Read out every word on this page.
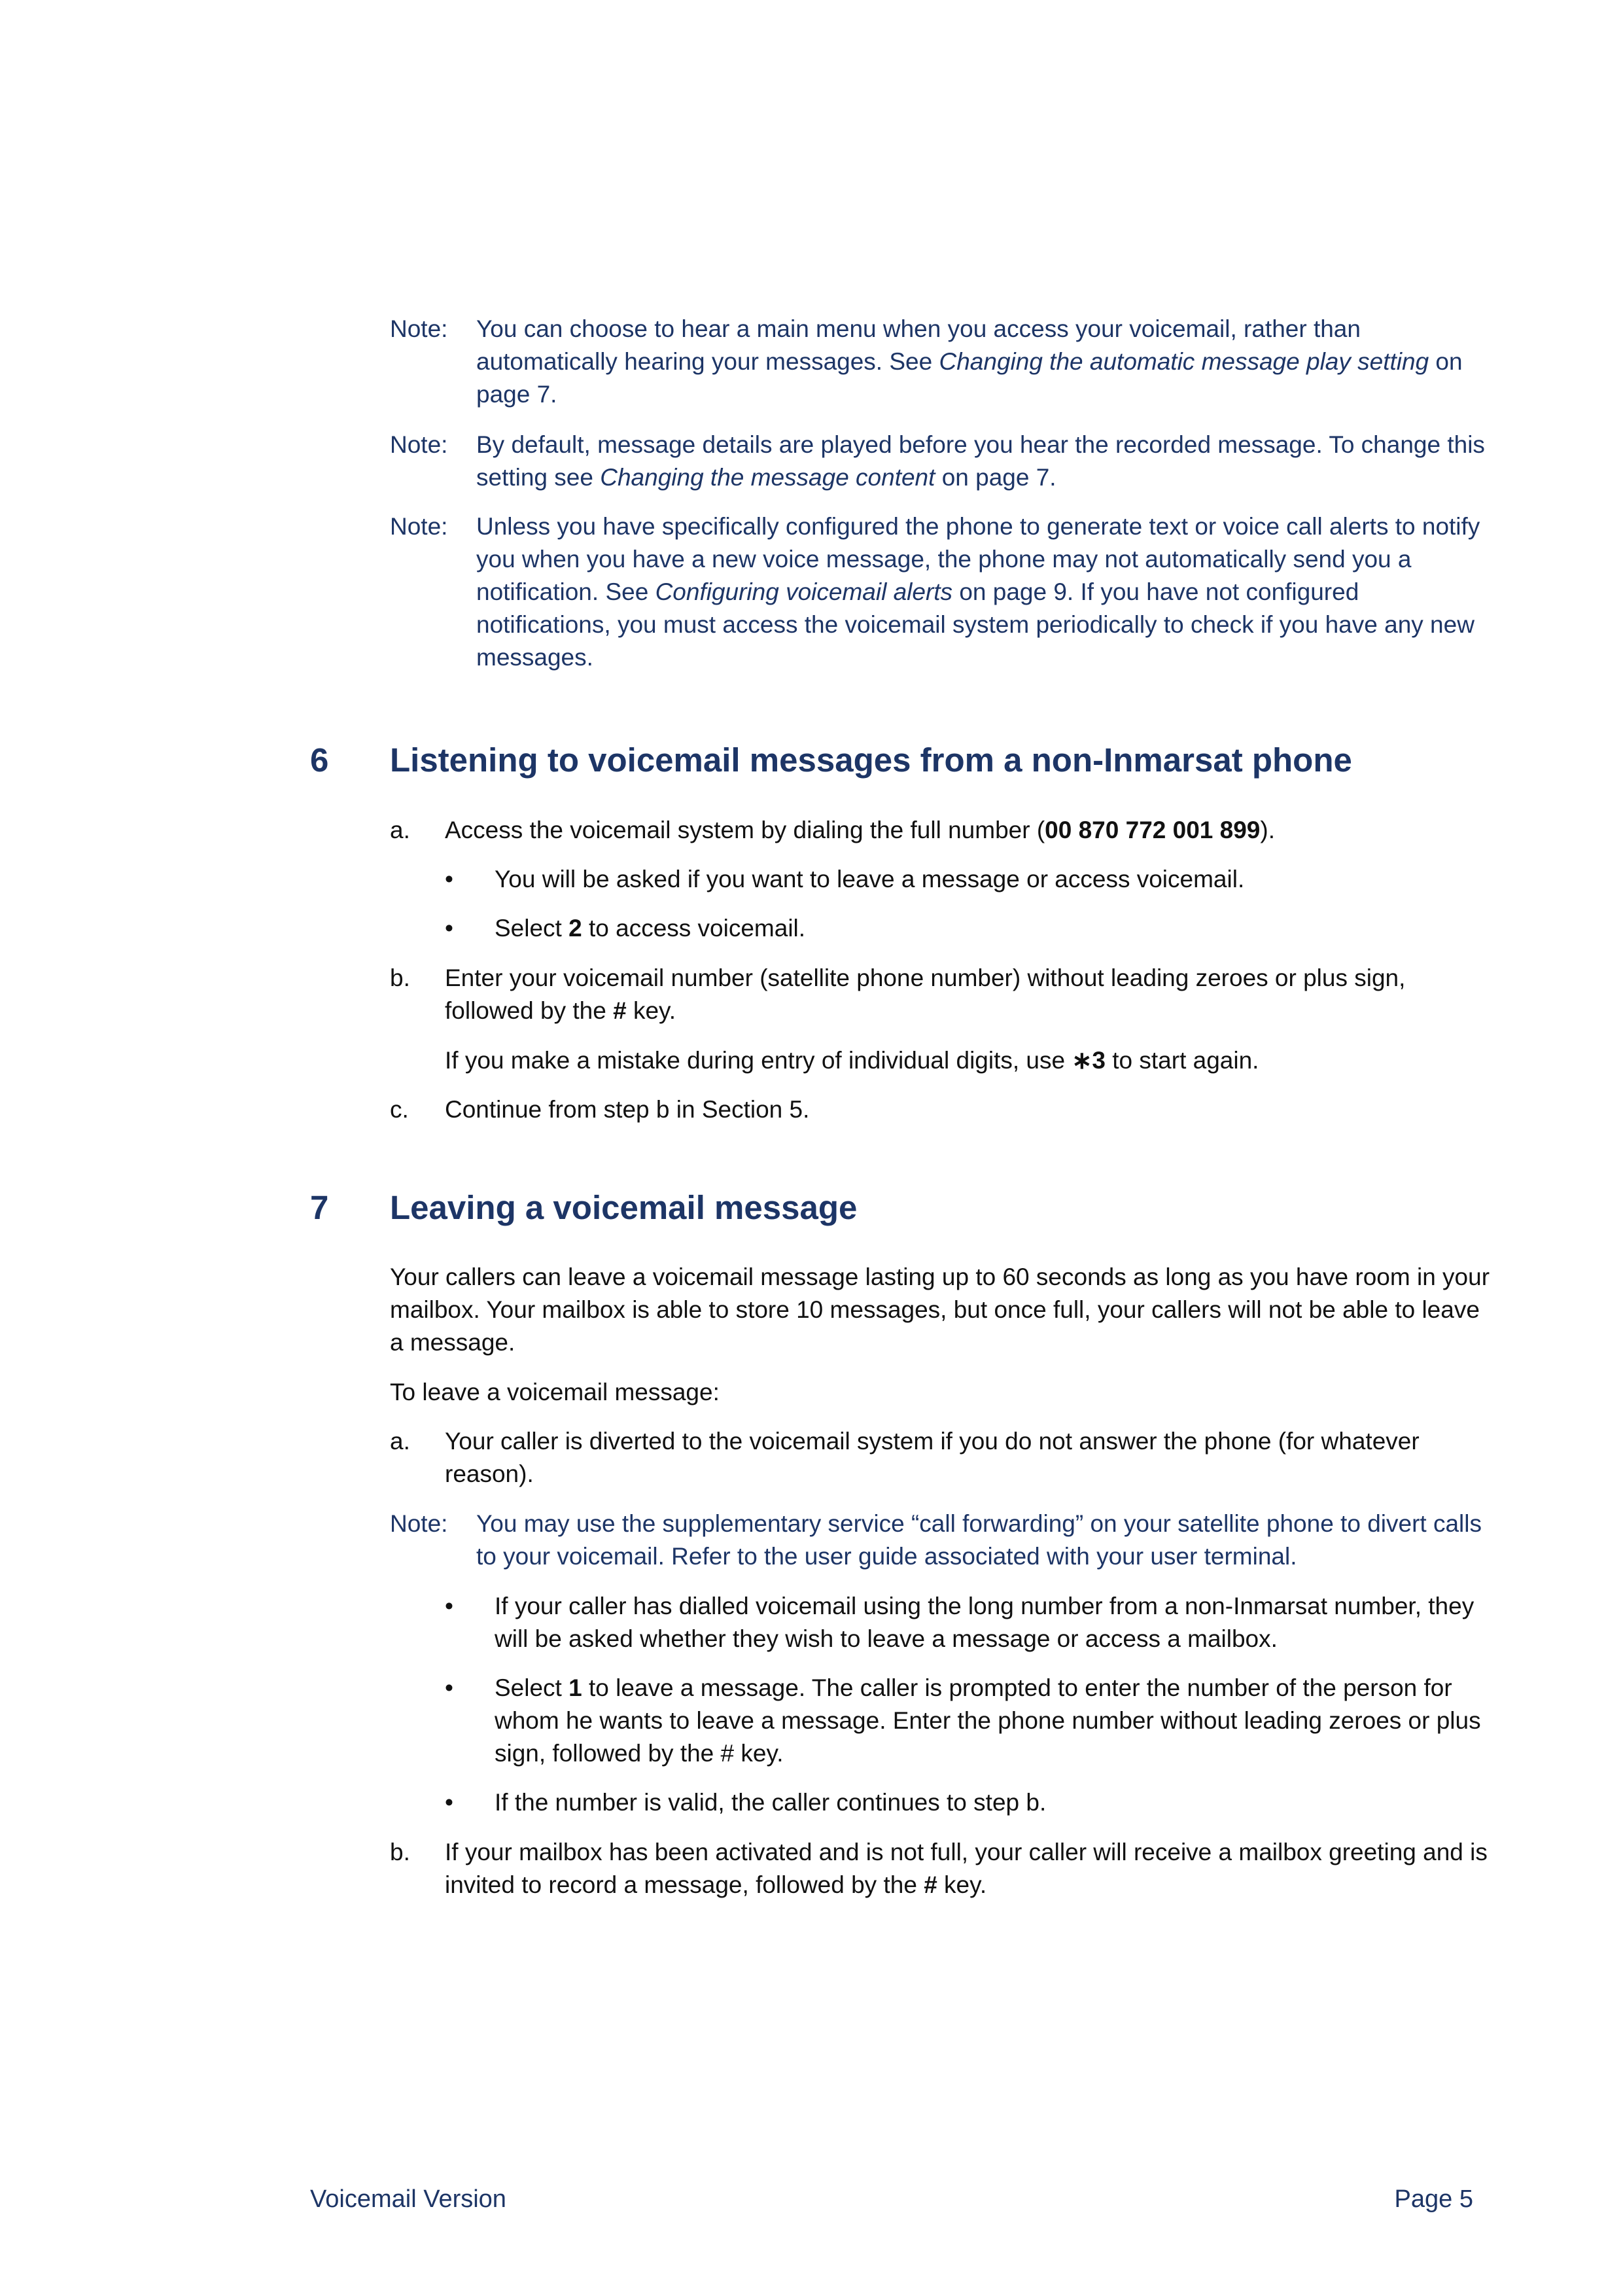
Note: You can choose to hear a main menu when you access your voicemail, rather than automatically hearing your messages. See Changing the automatic message play setting on page 7.
Note: By default, message details are played before you hear the recorded message. To change this setting see Changing the message content on page 7.
Note: Unless you have specifically configured the phone to generate text or voice call alerts to notify you when you have a new voice message, the phone may not automatically send you a notification. See Configuring voicemail alerts on page 9. If you have not configured notifications, you must access the voicemail system periodically to check if you have any new messages.
6 Listening to voicemail messages from a non-Inmarsat phone
a. Access the voicemail system by dialing the full number (00 870 772 001 899).
• You will be asked if you want to leave a message or access voicemail.
• Select 2 to access voicemail.
b. Enter your voicemail number (satellite phone number) without leading zeroes or plus sign, followed by the # key.
If you make a mistake during entry of individual digits, use ∗3 to start again.
c. Continue from step b in Section 5.
7 Leaving a voicemail message
Your callers can leave a voicemail message lasting up to 60 seconds as long as you have room in your mailbox. Your mailbox is able to store 10 messages, but once full, your callers will not be able to leave a message.
To leave a voicemail message:
a. Your caller is diverted to the voicemail system if you do not answer the phone (for whatever reason).
Note: You may use the supplementary service “call forwarding” on your satellite phone to divert calls to your voicemail. Refer to the user guide associated with your user terminal.
• If your caller has dialled voicemail using the long number from a non-Inmarsat number, they will be asked whether they wish to leave a message or access a mailbox.
• Select 1 to leave a message. The caller is prompted to enter the number of the person for whom he wants to leave a message. Enter the phone number without leading zeroes or plus sign, followed by the # key.
• If the number is valid, the caller continues to step b.
b. If your mailbox has been activated and is not full, your caller will receive a mailbox greeting and is invited to record a message, followed by the # key.
Voicemail Version	Page 5
